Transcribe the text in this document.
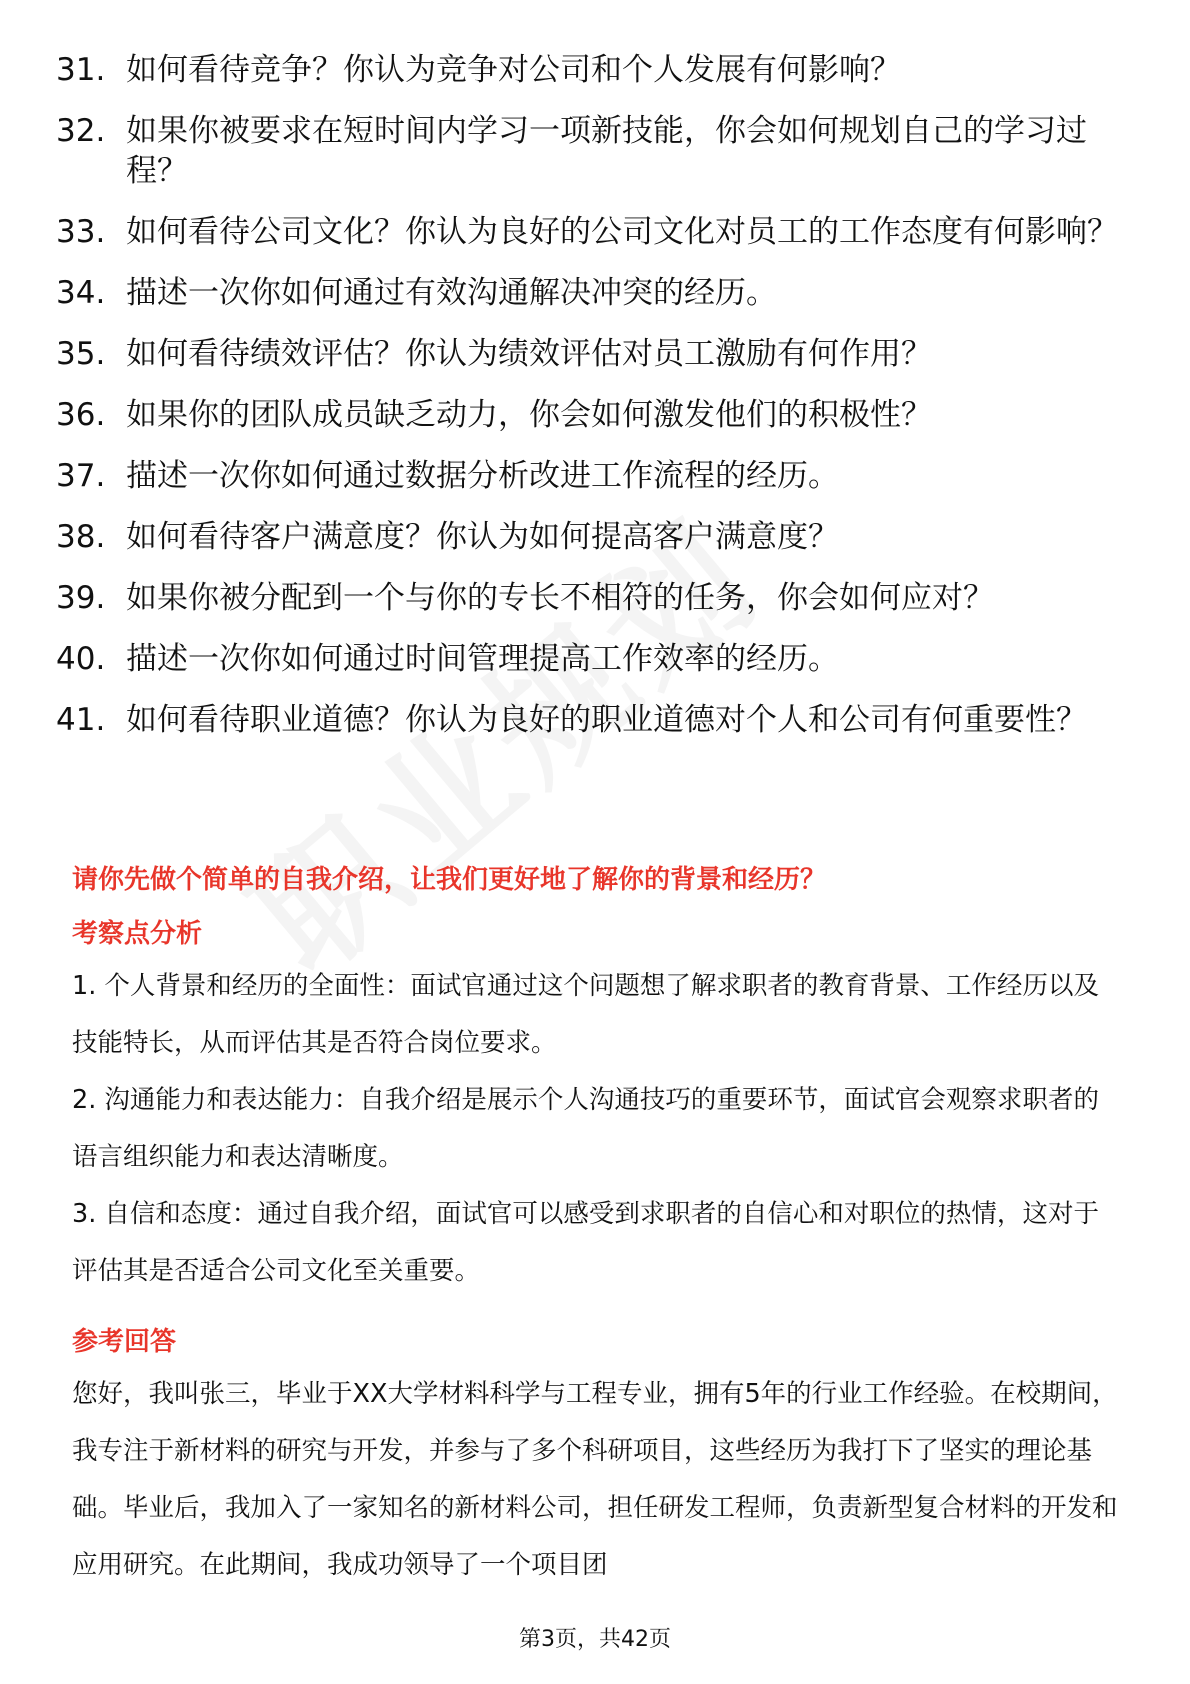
31. 如何看待竞争？你认为竞争对公司和个人发展有何影响？
32. 如果你被要求在短时间内学习一项新技能，你会如何规划自己的学习过程？
33. 如何看待公司文化？你认为良好的公司文化对员工的工作态度有何影响？
34. 描述一次你如何通过有效沟通解决冲突的经历。
35. 如何看待绩效评估？你认为绩效评估对员工激励有何作用？
36. 如果你的团队成员缺乏动力，你会如何激发他们的积极性？
37. 描述一次你如何通过数据分析改进工作流程的经历。
38. 如何看待客户满意度？你认为如何提高客户满意度？
39. 如果你被分配到一个与你的专长不相符的任务，你会如何应对？
40. 描述一次你如何通过时间管理提高工作效率的经历。
41. 如何看待职业道德？你认为良好的职业道德对个人和公司有何重要性？

请你先做个简单的自我介绍，让我们更好地了解你的背景和经历？

考察点分析

1. 个人背景和经历的全面性：面试官通过这个问题想了解求职者的教育背景、工作经历以及技能特长，从而评估其是否符合岗位要求。

2. 沟通能力和表达能力：自我介绍是展示个人沟通技巧的重要环节，面试官会观察求职者的语言组织能力和表达清晰度。

3. 自信和态度：通过自我介绍，面试官可以感受到求职者的自信心和对职位的热情，这对于评估其是否适合公司文化至关重要。

参考回答

您好，我叫张三，毕业于XX大学材料科学与工程专业，拥有5年的行业工作经验。在校期间，我专注于新材料的研究与开发，并参与了多个科研项目，这些经历为我打下了坚实的理论基础。毕业后，我加入了一家知名的新材料公司，担任研发工程师，负责新型复合材料的开发和应用研究。在此期间，我成功领导了一个项目团

第3页，共42页
